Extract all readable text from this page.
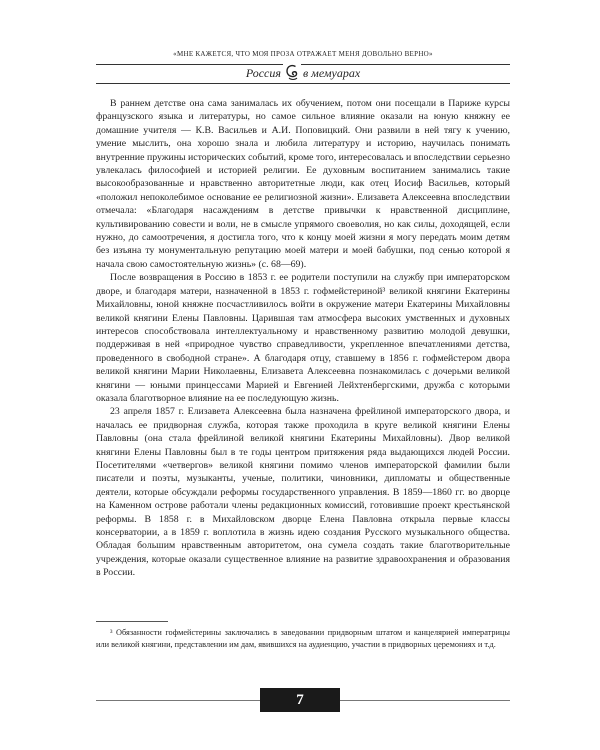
«МНЕ КАЖЕТСЯ, ЧТО МОЯ ПРОЗА ОТРАЖАЕТ МЕНЯ ДОВОЛЬНО ВЕРНО»
Россия в мемуарах

В раннем детстве она сама занималась их обучением, потом они посещали в Париже курсы французского языка и литературы, но самое сильное влияние оказали на юную княжну ее домашние учителя — К.В. Васильев и А.И. Поповицкий. Они развили в ней тягу к учению, умение мыслить, она хорошо знала и любила литературу и историю, научилась понимать внутренние пружины исторических событий, кроме того, интересовалась и впоследствии серьезно увлекалась философией и историей религии. Ее духовным воспитанием занимались такие высокообразованные и нравственно авторитетные люди, как отец Иосиф Васильев, который «положил непоколебимое основание ее религиозной жизни». Елизавета Алексеевна впоследствии отмечала: «Благодаря насаждениям в детстве привычки к нравственной дисциплине, культивированию совести и воли, не в смысле упрямого своеволия, но как силы, доходящей, если нужно, до самоотречения, я достигла того, что к концу моей жизни я могу передать моим детям без изъяна ту монументальную репутацию моей матери и моей бабушки, под сенью которой я начала свою самостоятельную жизнь» (с. 68—69).

После возвращения в Россию в 1853 г. ее родители поступили на службу при императорском дворе, и благодаря матери, назначенной в 1853 г. гофмейстериной³ великой княгини Екатерины Михайловны, юной княжне посчастливилось войти в окружение матери Екатерины Михайловны великой княгини Елены Павловны. Царившая там атмосфера высоких умственных и духовных интересов способствовала интеллектуальному и нравственному развитию молодой девушки, поддерживая в ней «природное чувство справедливости, укрепленное впечатлениями детства, проведенного в свободной стране». А благодаря отцу, ставшему в 1856 г. гофмейстером двора великой княгини Марии Николаевны, Елизавета Алексеевна познакомилась с дочерьми великой княгини — юными принцессами Марией и Евгенией Лейхтенбергскими, дружба с которыми оказала благотворное влияние на ее последующую жизнь.

23 апреля 1857 г. Елизавета Алексеевна была назначена фрейлиной императорского двора, и началась ее придворная служба, которая также проходила в круге великой княгини Елены Павловны (она стала фрейлиной великой княгини Екатерины Михайловны). Двор великой княгини Елены Павловны был в те годы центром притяжения ряда выдающихся людей России. Посетителями «четвергов» великой княгини помимо членов императорской фамилии были писатели и поэты, музыканты, ученые, политики, чиновники, дипломаты и общественные деятели, которые обсуждали реформы государственного управления. В 1859—1860 гг. во дворце на Каменном острове работали члены редакционных комиссий, готовившие проект крестьянской реформы. В 1858 г. в Михайловском дворце Елена Павловна открыла первые классы консерватории, а в 1859 г. воплотила в жизнь идею создания Русского музыкального общества. Обладая большим нравственным авторитетом, она сумела создать такие благотворительные учреждения, которые оказали существенное влияние на развитие здравоохранения и образования в России.

³ Обязанности гофмейстерины заключались в заведовании придворным штатом и канцелярией императрицы или великой княгини, представлении им дам, явившихся на аудиенцию, участии в придворных церемониях и т.д.
7
